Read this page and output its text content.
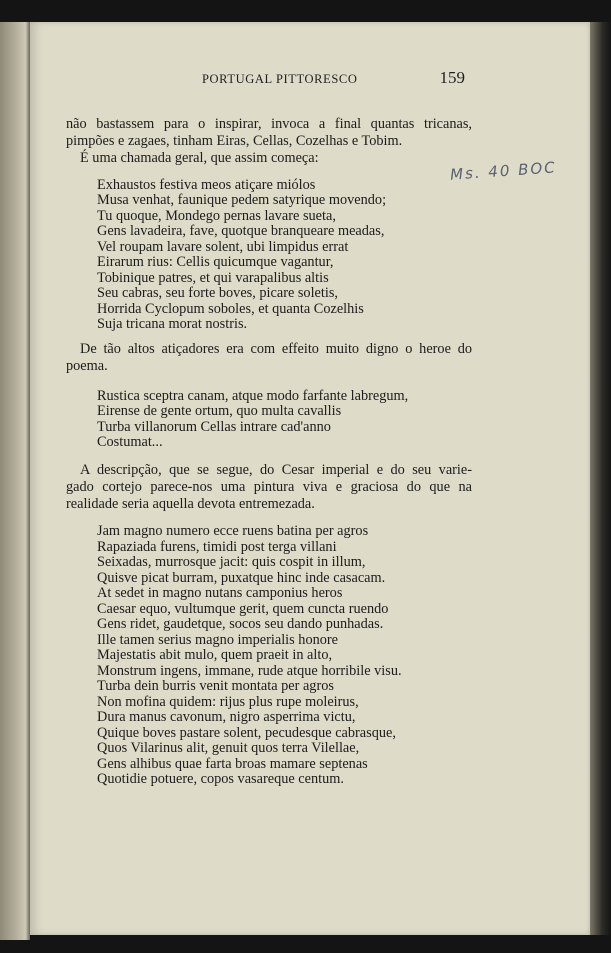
PORTUGAL PITTORESCO	159
Ms. 40 BOC
não bastassem para o inspirar, invoca a final quantas tricanas,
pimpões e zagaes, tinham Eiras, Cellas, Cozelhas e Tobim.
É uma chamada geral, que assim começa:
Exhaustos festiva meos atiçare miólos
Musa venhat, faunique pedem satyrique movendo;
Tu quoque, Mondego pernas lavare sueta,
Gens lavadeira, fave, quotque branqueare meadas,
Vel roupam lavare solent, ubi limpidus errat
Eirarum rius: Cellis quicumque vagantur,
Tobinique patres, et qui varapalibus altis
Seu cabras, seu forte boves, picare soletis,
Horrida Cyclopum soboles, et quanta Cozelhis
Suja tricana morat nostris.
De tão altos atiçadores era com effeito muito digno o heroe do
poema.
Rustica sceptra canam, atque modo farfante labregum,
Eirense de gente ortum, quo multa cavallis
Turba villanorum Cellas intrare cad'anno
Costumat...
A descripção, que se segue, do Cesar imperial e do seu varie-
gado cortejo parece-nos uma pintura viva e graciosa do que na
realidade seria aquella devota entremezada.
Jam magno numero ecce ruens batina per agros
Rapaziada furens, timidi post terga villani
Seixadas, murrosque jacit: quis cospit in illum,
Quisve picat burram, puxatque hinc inde casacam.
At sedet in magno nutans camponius heros
Caesar equo, vultumque gerit, quem cuncta ruendo
Gens ridet, gaudetque, socos seu dando punhadas.
Ille tamen serius magno imperialis honore
Majestatis abit mulo, quem praeit in alto,
Monstrum ingens, immane, rude atque horribile visu.
Turba dein burris venit montata per agros
Non mofina quidem: rijus plus rupe moleirus,
Dura manus cavonum, nigro asperrima victu,
Quique boves pastare solent, pecudesque cabrasque,
Quos Vilarinus alit, genuit quos terra Vilellae,
Gens alhibus quae farta broas mamare septenas
Quotidie potuere, copos vasareque centum.
